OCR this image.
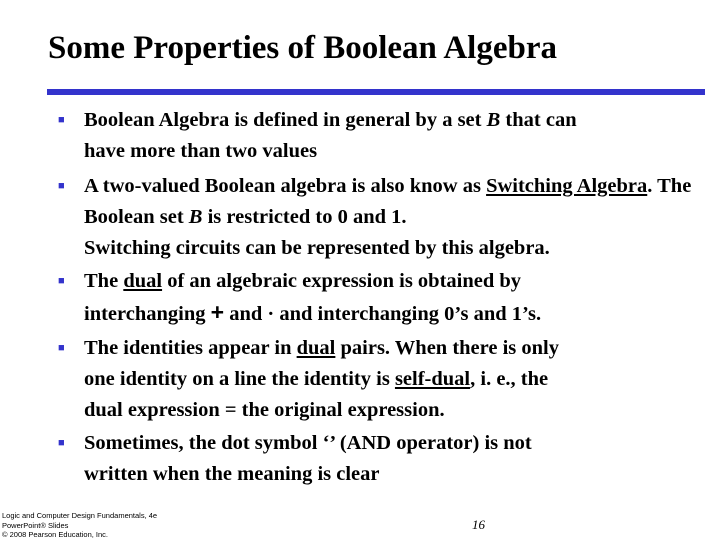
Some Properties of Boolean Algebra
■ Boolean Algebra is defined in general by a set B that can
have more than two values
■ A two-valued Boolean algebra is also know as Switching Algebra. The Boolean set B is restricted to 0 and 1.
Switching circuits can be represented by this algebra.
■ The dual of an algebraic expression is obtained by
interchanging + and · and interchanging 0’s and 1’s.
■ The identities appear in dual pairs. When there is only
one identity on a line the identity is self-dual, i. e., the
dual expression = the original expression.
■ Sometimes, the dot symbol ‘’ (AND operator) is not
written when the meaning is clear
Logic and Computer Design Fundamentals, 4e
PowerPoint® Slides
© 2008 Pearson Education, Inc.
16
